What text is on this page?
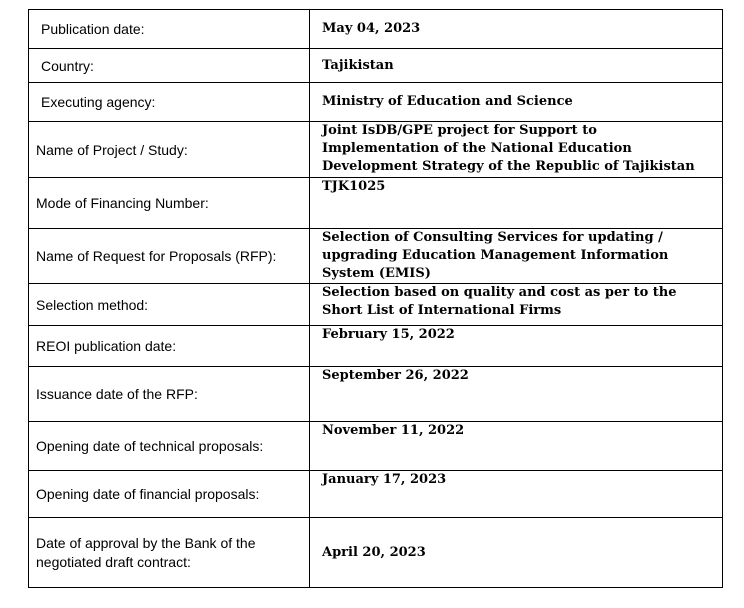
Publication date:	May 04, 2023
Country:	Tajikistan
Executing agency:	Ministry of Education and Science
Name of Project / Study:	Joint IsDB/GPE project for Support to Implementation of the National Education Development Strategy of the Republic of Tajikistan
Mode of Financing Number:	TJK1025
Name of Request for Proposals (RFP):	Selection of Consulting Services for updating / upgrading Education Management Information System (EMIS)
Selection method:	Selection based on quality and cost as per to the Short List of International Firms
REOI publication date:	February 15, 2022
Issuance date of the RFP:	September 26, 2022
Opening date of technical proposals:	November 11, 2022
Opening date of financial proposals:	January 17, 2023
Date of approval by the Bank of the negotiated draft contract:	April 20, 2023
